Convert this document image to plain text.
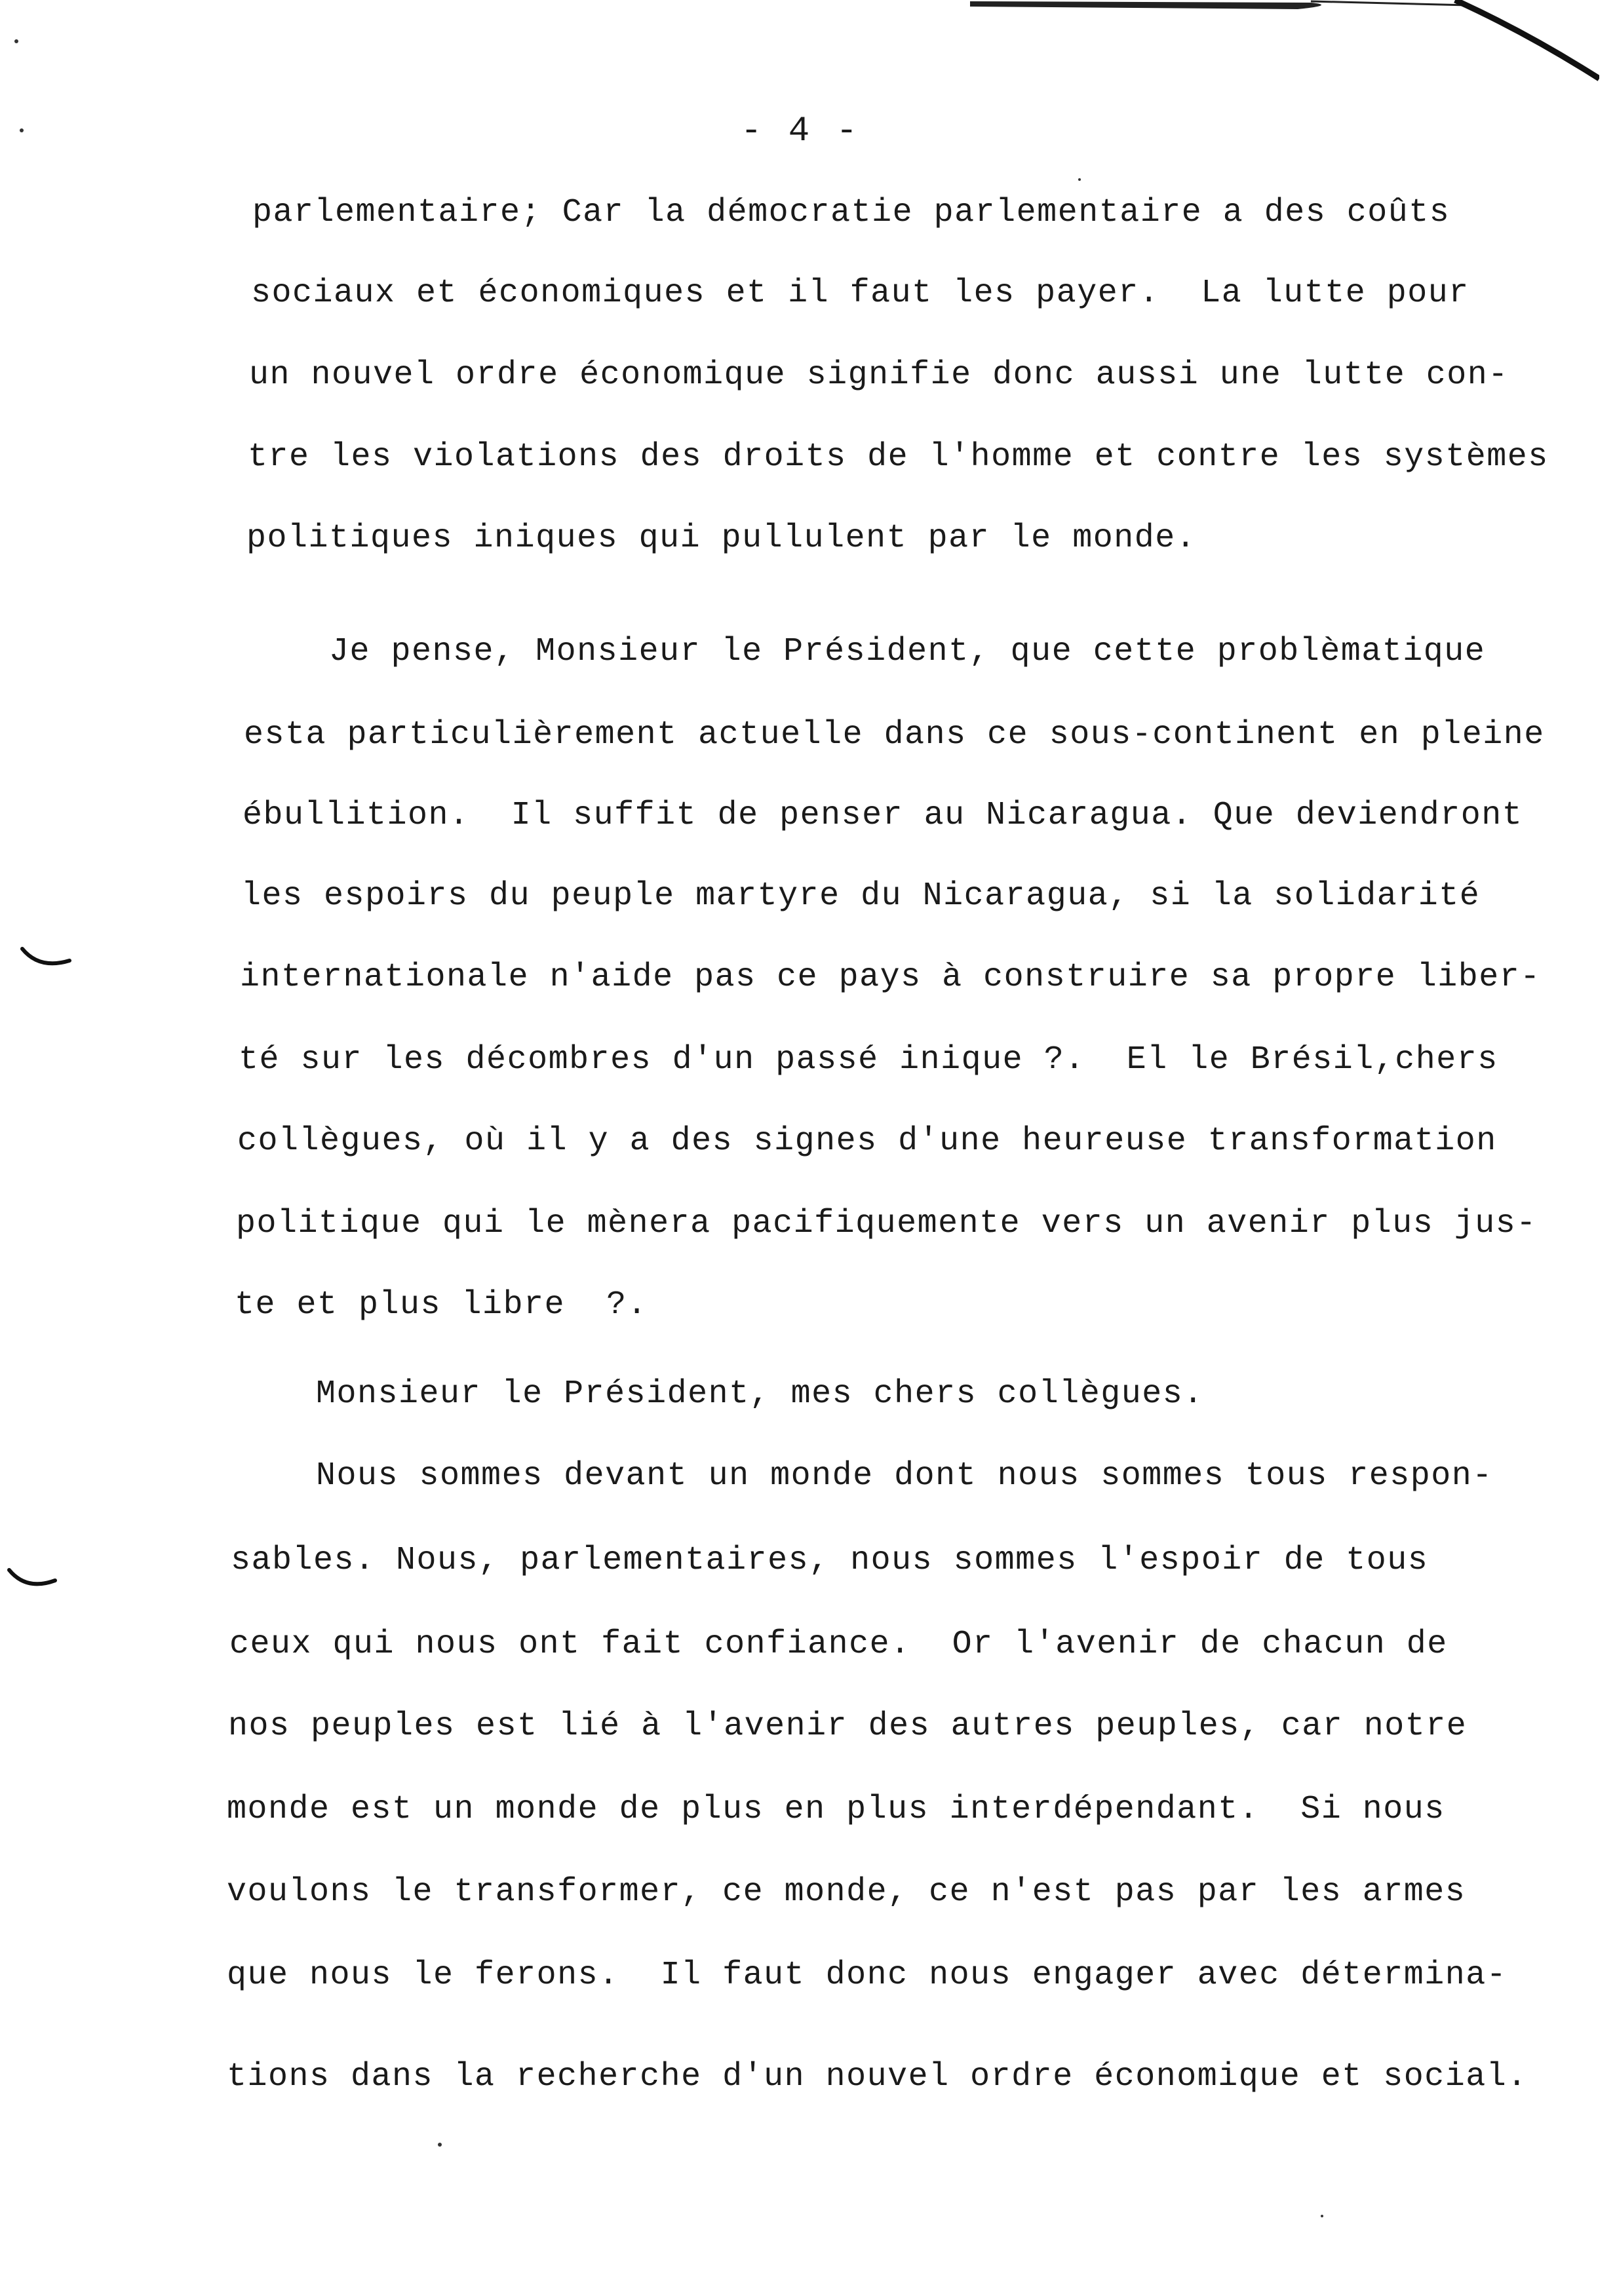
- 4 -
parlementaire; Car la démocratie parlementaire a des coûts
sociaux et économiques et il faut les payer.  La lutte pour
un nouvel ordre économique signifie donc aussi une lutte con-
tre les violations des droits de l'homme et contre les systèmes
politiques iniques qui pullulent par le monde.
Je pense, Monsieur le Président, que cette problèmatique
esta particulièrement actuelle dans ce sous-continent en pleine
ébullition.  Il suffit de penser au Nicaragua. Que deviendront
les espoirs du peuple martyre du Nicaragua, si la solidarité
internationale n'aide pas ce pays à construire sa propre liber-
té sur les décombres d'un passé inique ?.  El le Brésil,chers
collègues, où il y a des signes d'une heureuse transformation
politique qui le mènera pacifiquemente vers un avenir plus jus-
te et plus libre  ?.
Monsieur le Président, mes chers collègues.
Nous sommes devant un monde dont nous sommes tous respon-
sables. Nous, parlementaires, nous sommes l'espoir de tous
ceux qui nous ont fait confiance.  Or l'avenir de chacun de
nos peuples est lié à l'avenir des autres peuples, car notre
monde est un monde de plus en plus interdépendant.  Si nous
voulons le transformer, ce monde, ce n'est pas par les armes
que nous le ferons.  Il faut donc nous engager avec détermina-
tions dans la recherche d'un nouvel ordre économique et social.
